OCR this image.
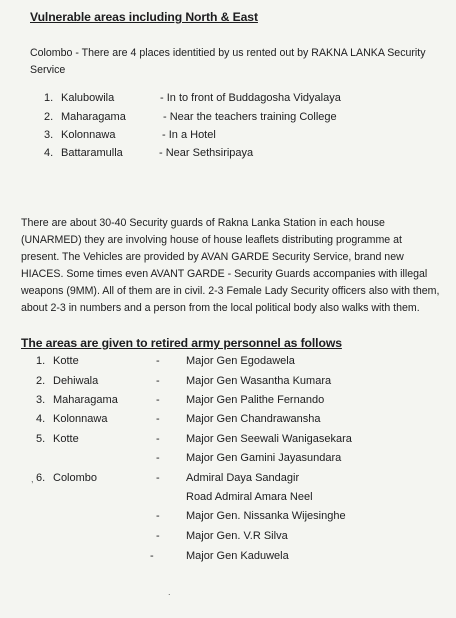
Vulnerable areas including North & East

Colombo - There are 4 places identitied by us rented out by RAKNA LANKA Security Service

1. Kalubowila	- In to front of Buddagosha Vidyalaya
2. Maharagama	- Near the teachers training College
3. Kolonnawa	- In a Hotel
4. Battaramulla	- Near Sethsiripaya

There are about 30-40 Security guards of Rakna Lanka Station in each house (UNARMED) they are involving house of house leaflets distributing programme at present. The Vehicles are provided by AVAN GARDE Security Service, brand new HIACES. Some times even AVANT GARDE - Security Guards accompanies with illegal weapons (9MM). All of them are in civil. 2-3 Female Lady Security officers also with them, about 2-3 in numbers and a person from the local political body also walks with them.

The areas are given to retired army personnel as follows
1. Kotte	- Major Gen Egodawela
2. Dehiwala	- Major Gen Wasantha Kumara
3. Maharagama	- Major Gen Palithe Fernando
4. Kolonnawa	- Major Gen Chandrawansha
5. Kotte	- Major Gen Seewali Wanigasekara
- Major Gen Gamini Jayasundara
6. Colombo	- Admiral Daya Sandagir
Road Admiral Amara Neel
- Major Gen. Nissanka Wijesinghe
- Major Gen. V.R Silva
-	Major Gen Kaduwela
,
.
